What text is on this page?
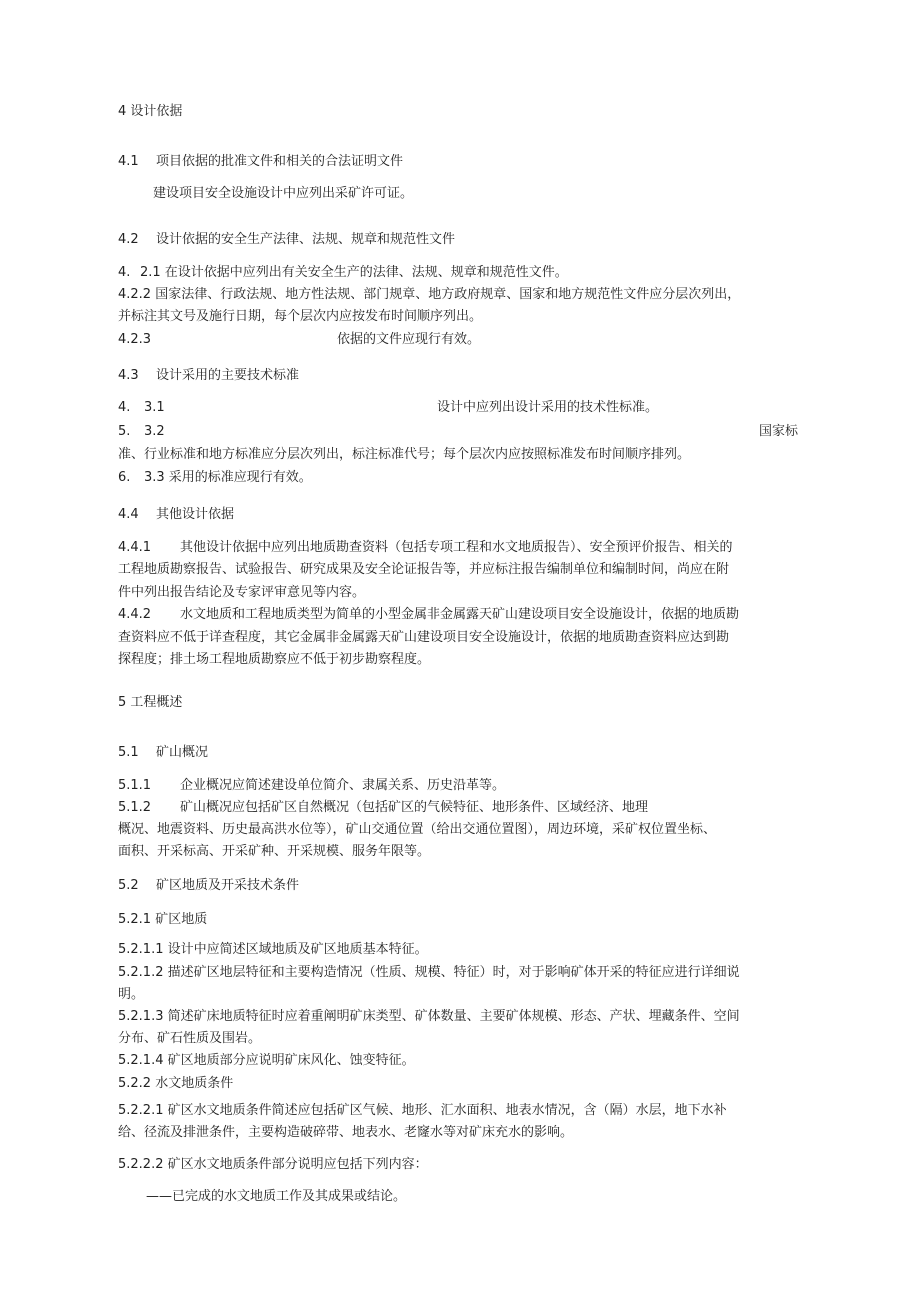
4 设计依据
4.1 项目依据的批准文件和相关的合法证明文件
建设项目安全设施设计中应列出采矿许可证。
4.2 设计依据的安全生产法律、法规、规章和规范性文件
4. 2.1 在设计依据中应列出有关安全生产的法律、法规、规章和规范性文件。
4.2.2 国家法律、行政法规、地方性法规、部门规章、地方政府规章、国家和地方规范性文件应分层次列出，
并标注其文号及施行日期，每个层次内应按发布时间顺序列出。
4.2.3	依据的文件应现行有效。
4.3 设计采用的主要技术标准
4. 3.1	设计中应列出设计采用的技术性标准。
5. 3.2	国家标
准、行业标准和地方标准应分层次列出，标注标准代号；每个层次内应按照标准发布时间顺序排列。
6. 3.3 采用的标准应现行有效。
4.4 其他设计依据
4.4.1 其他设计依据中应列出地质勘查资料（包括专项工程和水文地质报告）、安全预评价报告、相关的
工程地质勘察报告、试验报告、研究成果及安全论证报告等，并应标注报告编制单位和编制时间，尚应在附
件中列出报告结论及专家评审意见等内容。
4.4.2 水文地质和工程地质类型为简单的小型金属非金属露天矿山建设项目安全设施设计，依据的地质勘
查资料应不低于详查程度，其它金属非金属露天矿山建设项目安全设施设计，依据的地质勘查资料应达到勘
探程度；排土场工程地质勘察应不低于初步勘察程度。
5 工程概述
5.1 矿山概况
5.1.1 企业概况应简述建设单位简介、隶属关系、历史沿革等。
5.1.2 矿山概况应包括矿区自然概况（包括矿区的气候特征、地形条件、区域经济、地理
概况、地震资料、历史最高洪水位等），矿山交通位置（给出交通位置图），周边环境，采矿权位置坐标、
面积、开采标高、开采矿种、开采规模、服务年限等。
5.2 矿区地质及开采技术条件
5.2.1 矿区地质
5.2.1.1 设计中应简述区域地质及矿区地质基本特征。
5.2.1.2 描述矿区地层特征和主要构造情况（性质、规模、特征）时，对于影响矿体开采的特征应进行详细说
明。
5.2.1.3 简述矿床地质特征时应着重阐明矿床类型、矿体数量、主要矿体规模、形态、产状、埋藏条件、空间
分布、矿石性质及围岩。
5.2.1.4 矿区地质部分应说明矿床风化、蚀变特征。
5.2.2 水文地质条件
5.2.2.1 矿区水文地质条件简述应包括矿区气候、地形、汇水面积、地表水情况，含（隔）水层，地下水补
给、径流及排泄条件，主要构造破碎带、地表水、老窿水等对矿床充水的影响。
5.2.2.2 矿区水文地质条件部分说明应包括下列内容：
——已完成的水文地质工作及其成果或结论。
